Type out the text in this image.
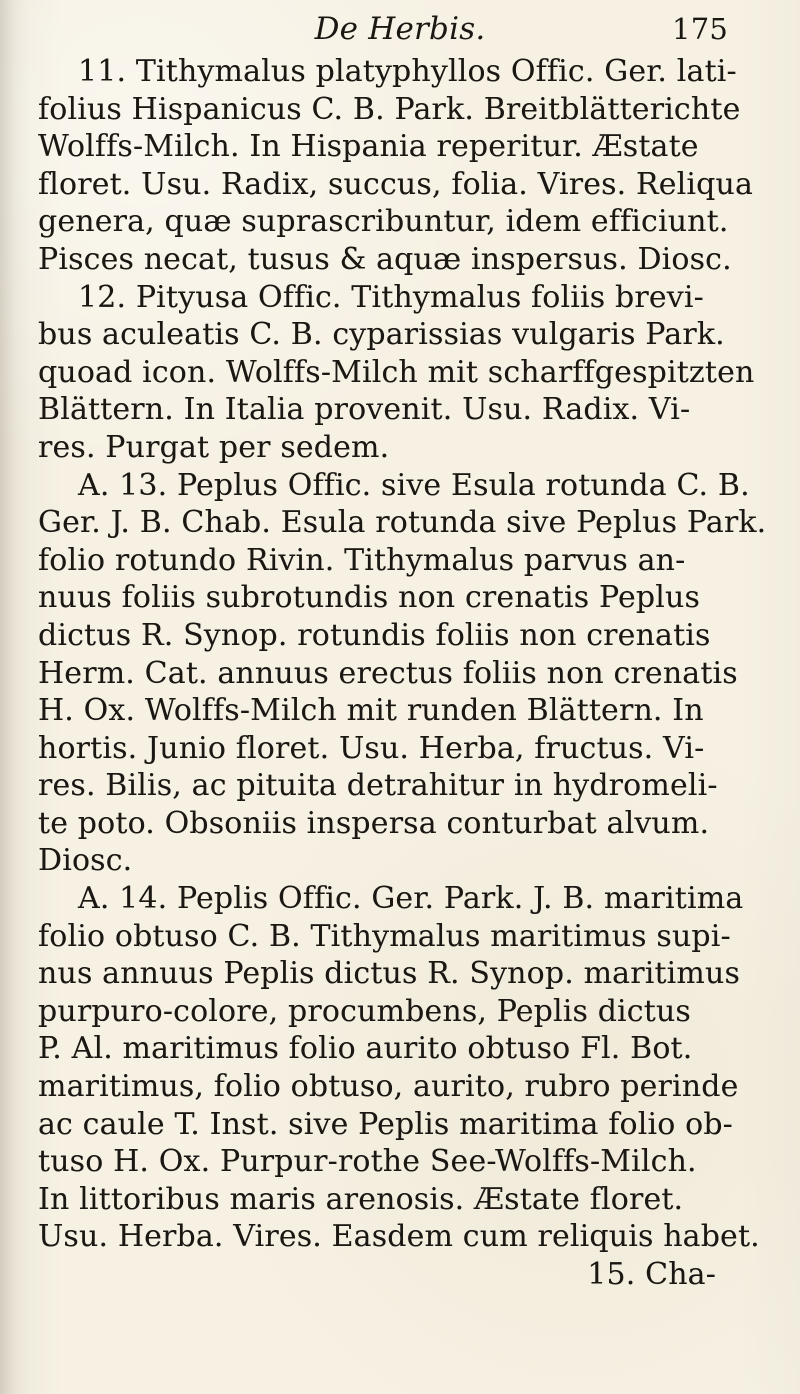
De Herbis.	175
11. Tithymalus platyphyllos Offic. Ger. lati-
folius Hispanicus C. B. Park. Breitblätterichte
Wolffs-Milch. In Hispania reperitur. Æstate
floret. Usu. Radix, succus, folia. Vires. Reliqua
genera, quæ suprascribuntur, idem efficiunt.
Pisces necat, tusus & aquæ inspersus. Diosc.
12. Pityusa Offic. Tithymalus foliis brevi-
bus aculeatis C. B. cyparissias vulgaris Park.
quoad icon. Wolffs-Milch mit scharffgespitzten
Blättern. In Italia provenit. Usu. Radix. Vi-
res. Purgat per sedem.
A. 13. Peplus Offic. sive Esula rotunda C. B.
Ger. J. B. Chab. Esula rotunda sive Peplus Park.
folio rotundo Rivin. Tithymalus parvus an-
nuus foliis subrotundis non crenatis Peplus
dictus R. Synop. rotundis foliis non crenatis
Herm. Cat. annuus erectus foliis non crenatis
H. Ox. Wolffs-Milch mit runden Blättern. In
hortis. Junio floret. Usu. Herba, fructus. Vi-
res. Bilis, ac pituita detrahitur in hydromeli-
te poto. Obsoniis inspersa conturbat alvum.
Diosc.
A. 14. Peplis Offic. Ger. Park. J. B. maritima
folio obtuso C. B. Tithymalus maritimus supi-
nus annuus Peplis dictus R. Synop. maritimus
purpuro-colore, procumbens, Peplis dictus
P. Al. maritimus folio aurito obtuso Fl. Bot.
maritimus, folio obtuso, aurito, rubro perinde
ac caule T. Inst. sive Peplis maritima folio ob-
tuso H. Ox. Purpur-rothe See-Wolffs-Milch.
In littoribus maris arenosis. Æstate floret.
Usu. Herba. Vires. Easdem cum reliquis habet.
15. Cha-
